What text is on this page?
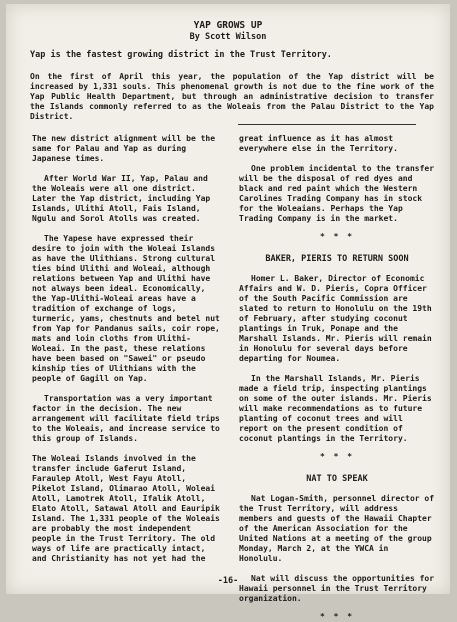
YAP GROWS UP
By Scott Wilson
Yap is the fastest growing district in the Trust Territory.
On the first of April this year, the population of the Yap district will be increased by 1,331 souls. This phenomenal growth is not due to the fine work of the Yap Public Health Department, but through an administrative decision to transfer the Islands commonly referred to as the Woleais from the Palau District to the Yap District.

The new district alignment will be the same for Palau and Yap as during Japanese times.

After World War II, Yap, Palau and the Woleais were all one district. Later the Yap district, including Yap Islands, Ulithi Atoll, Fais Island, Ngulu and Sorol Atolls was created.

The Yapese have expressed their desire to join with the Woleai Islands as have the Ulithians. Strong cultural ties bind Ulithi and Woleai, although relations between Yap and Ulithi have not always been ideal. Economically, the Yap-Ulithi-Woleai areas have a tradition of exchange of logs, turmeric, yams, chestnuts and betel nut from Yap for Pandanus sails, coir rope, mats and loin cloths from Ulithi-Woleai. In the past, these relations have been based on "Sawei" or pseudo kinship ties of Ulithians with the people of Gagill on Yap.

Transportation was a very important factor in the decision. The new arrangement will facilitate field trips to the Woleais, and increase service to this group of Islands.

The Woleai Islands involved in the transfer include Gaferut Island, Faraulep Atoll, West Fayu Atoll, Pikelot Island, Olimarao Atoll, Woleai Atoll, Lamotrek Atoll, Ifalik Atoll, Elato Atoll, Satawal Atoll and Eauripik Island. The 1,331 people of the Woleais are probably the most independent people in the Trust Territory. The old ways of life are practically intact, and Christianity has not yet had the

great influence as it has almost everywhere else in the Territory.

One problem incidental to the transfer will be the disposal of red dyes and black and red paint which the Western Carolines Trading Company has in stock for the Woleaians. Perhaps the Yap Trading Company is in the market.

* * *
BAKER, PIERIS TO RETURN SOON

Homer L. Baker, Director of Economic Affairs and W. D. Pieris, Copra Officer of the South Pacific Commission are slated to return to Honolulu on the 19th of February, after studying coconut plantings in Truk, Ponape and the Marshall Islands. Mr. Pieris will remain in Honolulu for several days before departing for Noumea.

In the Marshall Islands, Mr. Pieris made a field trip, inspecting plantings on some of the outer islands. Mr. Pieris will make recommendations as to future planting of coconut trees and will report on the present condition of coconut plantings in the Territory.

* * *
NAT TO SPEAK

Nat Logan-Smith, personnel director of the Trust Territory, will address members and guests of the Hawaii Chapter of the American Association for the United Nations at a meeting of the group Monday, March 2, at the YWCA in Honolulu.

Nat will discuss the opportunities for Hawaii personnel in the Trust Territory organization.

* * *
-16-
